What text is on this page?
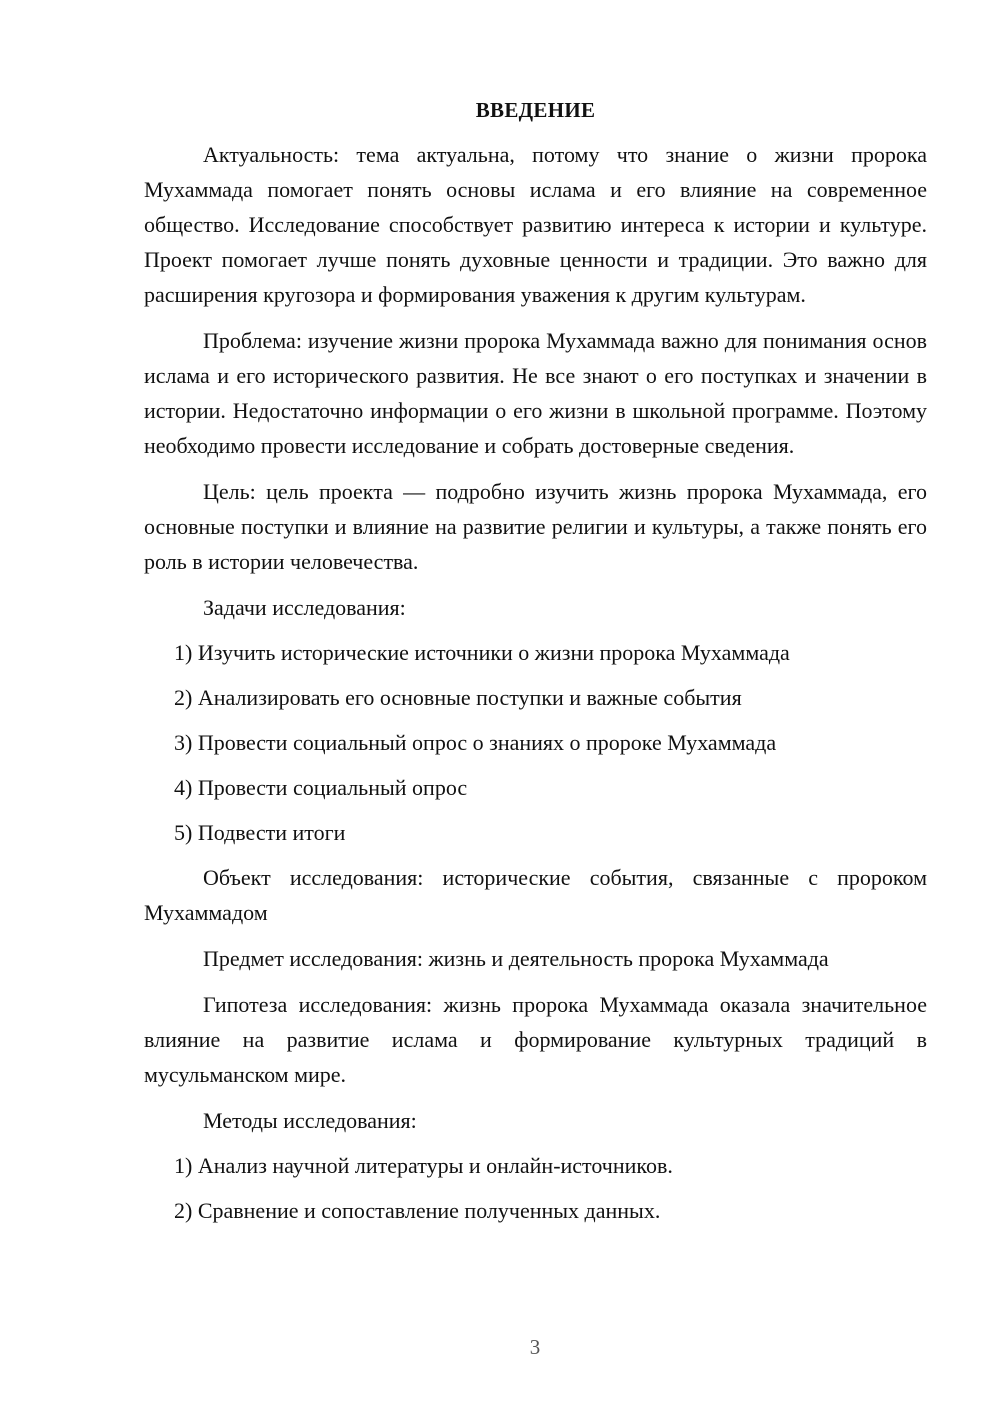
ВВЕДЕНИЕ

Актуальность: тема актуальна, потому что знание о жизни пророка Мухаммада помогает понять основы ислама и его влияние на современное общество. Исследование способствует развитию интереса к истории и культуре. Проект помогает лучше понять духовные ценности и традиции. Это важно для расширения кругозора и формирования уважения к другим культурам.

Проблема: изучение жизни пророка Мухаммада важно для понимания основ ислама и его исторического развития. Не все знают о его поступках и значении в истории. Недостаточно информации о его жизни в школьной программе. Поэтому необходимо провести исследование и собрать достоверные сведения.

Цель: цель проекта — подробно изучить жизнь пророка Мухаммада, его основные поступки и влияние на развитие религии и культуры, а также понять его роль в истории человечества.

Задачи исследования:

1) Изучить исторические источники о жизни пророка Мухаммада
2) Анализировать его основные поступки и важные события
3) Провести социальный опрос о знаниях о пророке Мухаммада
4) Провести социальный опрос
5) Подвести итоги

Объект исследования: исторические события, связанные с пророком Мухаммадом

Предмет исследования: жизнь и деятельность пророка Мухаммада

Гипотеза исследования: жизнь пророка Мухаммада оказала значительное влияние на развитие ислама и формирование культурных традиций в мусульманском мире.

Методы исследования:

1) Анализ научной литературы и онлайн-источников.
2) Сравнение и сопоставление полученных данных.
3
